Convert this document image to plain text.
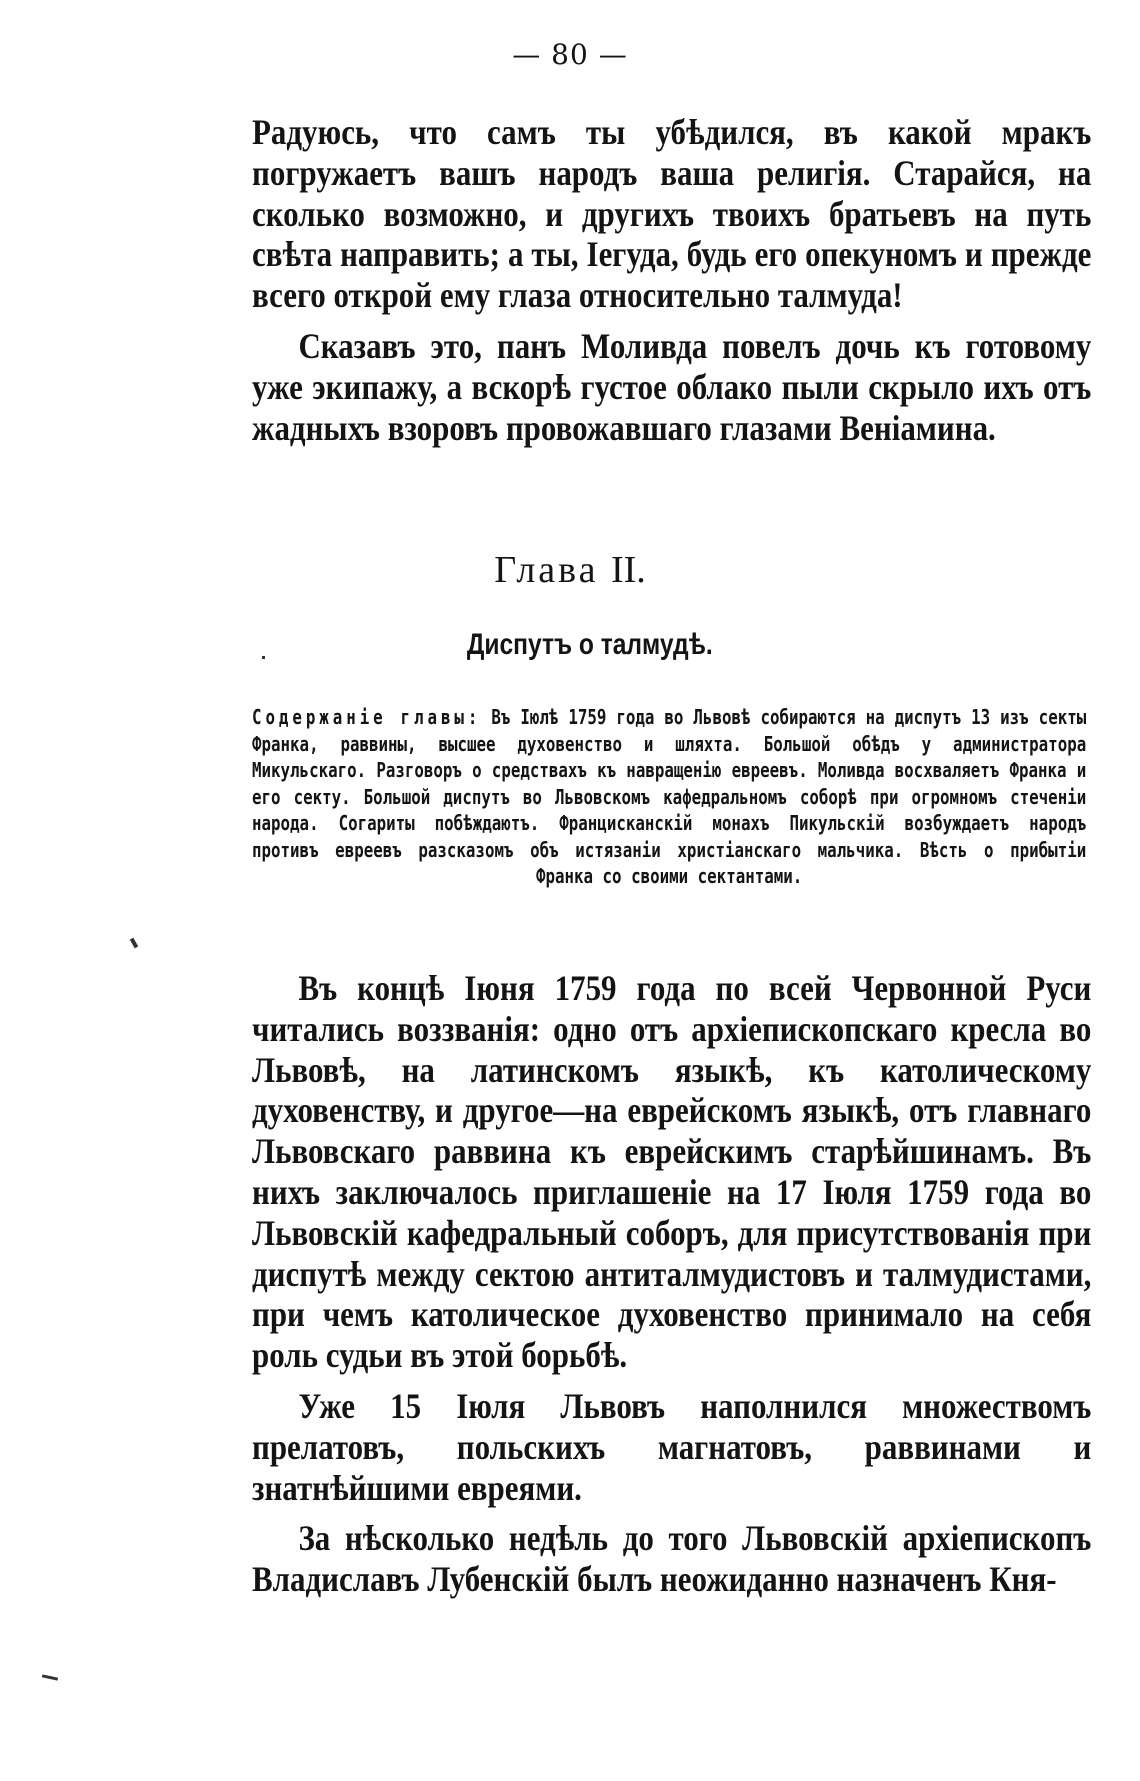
— 80 —

Радуюсь, что самъ ты убѣдился, въ какой мракъ погружаетъ вашъ народъ ваша религія. Старайся, на сколько возможно, и другихъ твоихъ братьевъ на путь свѣта направить; а ты, Іегуда, будь его опекуномъ и прежде всего открой ему глаза относительно талмуда!

Сказавъ это, панъ Моливда повелъ дочь къ готовому уже экипажу, а вскорѣ густое облако пыли скрыло ихъ отъ жадныхъ взоровъ провожавшаго глазами Веніамина.

Глава II.
Диспутъ о талмудѣ.
Содержаніе главы: Въ Іюлѣ 1759 года во Львовѣ собираются на диспутъ 13 изъ секты Франка, раввины, высшее духовенство и шляхта. Большой обѣдъ у администратора Микульскаго. Разговоръ о средствахъ къ навращенію евреевъ. Моливда восхваляетъ Франка и его секту. Большой диспутъ во Львовскомъ кафедральномъ соборѣ при огромномъ стеченіи народа. Согариты побѣждаютъ. Францисканскій монахъ Пикульскій возбуждаетъ народъ противъ евреевъ разсказомъ объ истязаніи христіанскаго мальчика. Вѣсть о прибытіи Франка со своими сектантами.

Въ концѣ Іюня 1759 года по всей Червонной Руси читались воззванія: одно отъ архіепископскаго кресла во Львовѣ, на латинскомъ языкѣ, къ католическому духовенству, и другое—на еврейскомъ языкѣ, отъ главнаго Львовскаго раввина къ еврейскимъ старѣйшинамъ. Въ нихъ заключалось приглашеніе на 17 Іюля 1759 года во Львовскій кафедральный соборъ, для присутствованія при диспутѣ между сектою антиталмудистовъ и талмудистами, при чемъ католическое духовенство принимало на себя роль судьи въ этой борьбѣ.

Уже 15 Іюля Львовъ наполнился множествомъ прелатовъ, польскихъ магнатовъ, раввинами и знатнѣйшими евреями.

За нѣсколько недѣль до того Львовскій архіепископъ Владиславъ Лубенскій былъ неожиданно назначенъ Кня-
